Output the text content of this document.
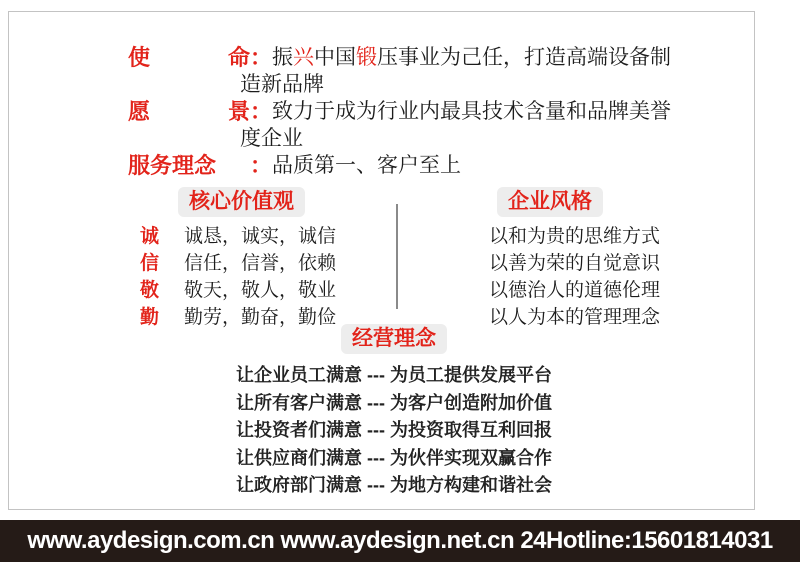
使	命 ： 振兴中国锻压事业为己任，打造高端设备制造新品牌
愿	景 ： 致力于成为行业内最具技术含量和品牌美誉度企业
服务理念	： 品质第一、客户至上
核心价值观
诚 诚恳，诚实，诚信
信 信任，信誉，依赖
敬 敬天，敬人，敬业
勤 勤劳，勤奋，勤俭
企业风格
以和为贵的思维方式
以善为荣的自觉意识
以德治人的道德伦理
以人为本的管理理念
经营理念
让企业员工满意 --- 为员工提供发展平台
让所有客户满意 --- 为客户创造附加价值
让投资者们满意 --- 为投资取得互利回报
让供应商们满意 --- 为伙伴实现双赢合作
让政府部门满意 --- 为地方构建和谐社会
www.aydesign.com.cn www.aydesign.net.cn 24Hotline:15601814031
